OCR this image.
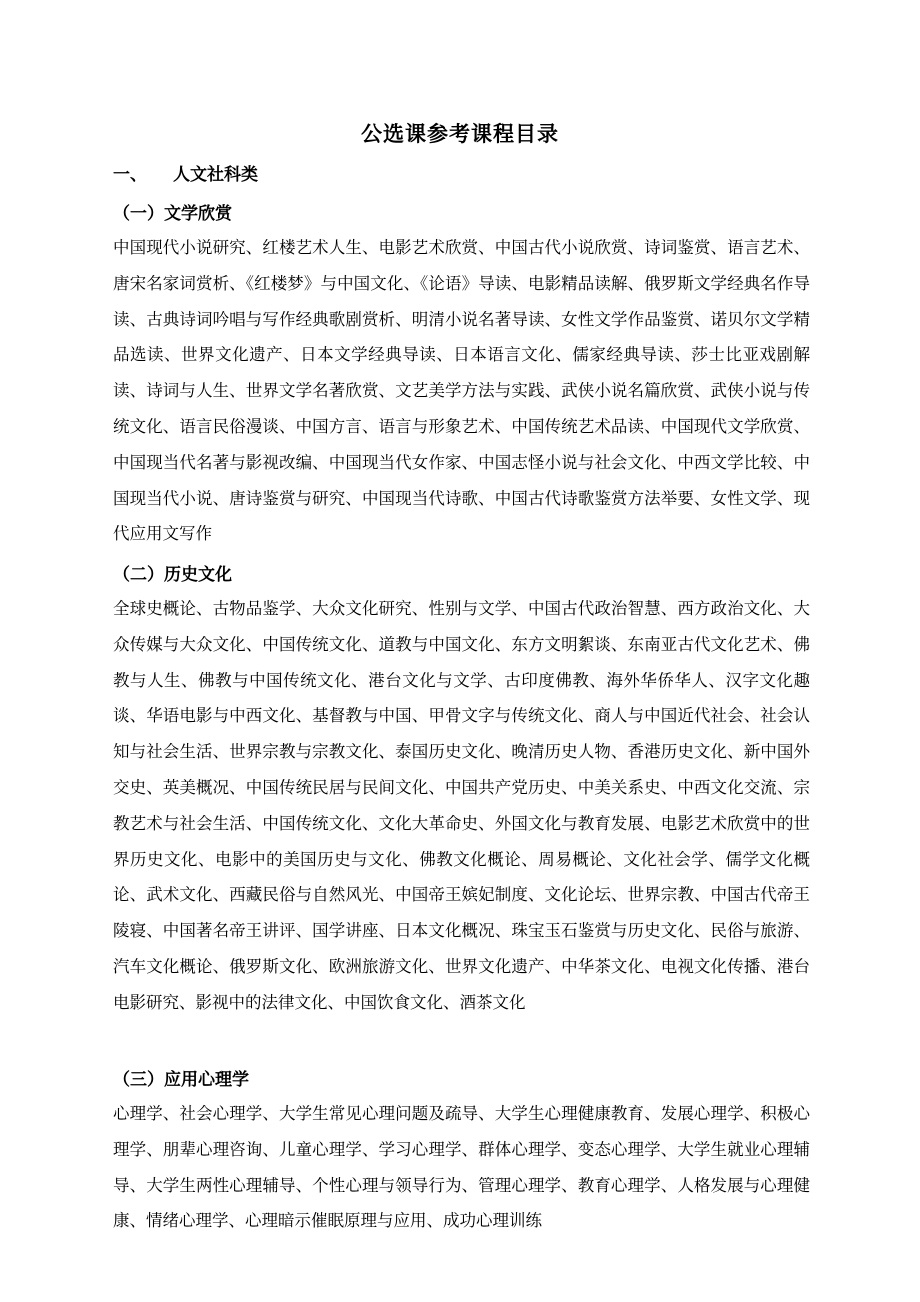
公选课参考课程目录
一、 人文社科类
（一）文学欣赏
中国现代小说研究、红楼艺术人生、电影艺术欣赏、中国古代小说欣赏、诗词鉴赏、语言艺术、唐宋名家词赏析、《红楼梦》与中国文化、《论语》导读、电影精品读解、俄罗斯文学经典名作导读、古典诗词吟唱与写作经典歌剧赏析、明清小说名著导读、女性文学作品鉴赏、诺贝尔文学精品选读、世界文化遗产、日本文学经典导读、日本语言文化、儒家经典导读、莎士比亚戏剧解读、诗词与人生、世界文学名著欣赏、文艺美学方法与实践、武侠小说名篇欣赏、武侠小说与传统文化、语言民俗漫谈、中国方言、语言与形象艺术、中国传统艺术品读、中国现代文学欣赏、中国现当代名著与影视改编、中国现当代女作家、中国志怪小说与社会文化、中西文学比较、中国现当代小说、唐诗鉴赏与研究、中国现当代诗歌、中国古代诗歌鉴赏方法举要、女性文学、现代应用文写作
（二）历史文化
全球史概论、古物品鉴学、大众文化研究、性别与文学、中国古代政治智慧、西方政治文化、大众传媒与大众文化、中国传统文化、道教与中国文化、东方文明絮谈、东南亚古代文化艺术、佛教与人生、佛教与中国传统文化、港台文化与文学、古印度佛教、海外华侨华人、汉字文化趣谈、华语电影与中西文化、基督教与中国、甲骨文字与传统文化、商人与中国近代社会、社会认知与社会生活、世界宗教与宗教文化、泰国历史文化、晚清历史人物、香港历史文化、新中国外交史、英美概况、中国传统民居与民间文化、中国共产党历史、中美关系史、中西文化交流、宗教艺术与社会生活、中国传统文化、文化大革命史、外国文化与教育发展、电影艺术欣赏中的世界历史文化、电影中的美国历史与文化、佛教文化概论、周易概论、文化社会学、儒学文化概论、武术文化、西藏民俗与自然风光、中国帝王嫔妃制度、文化论坛、世界宗教、中国古代帝王陵寝、中国著名帝王讲评、国学讲座、日本文化概况、珠宝玉石鉴赏与历史文化、民俗与旅游、汽车文化概论、俄罗斯文化、欧洲旅游文化、世界文化遗产、中华茶文化、电视文化传播、港台电影研究、影视中的法律文化、中国饮食文化、酒茶文化
（三）应用心理学
心理学、社会心理学、大学生常见心理问题及疏导、大学生心理健康教育、发展心理学、积极心理学、朋辈心理咨询、儿童心理学、学习心理学、群体心理学、变态心理学、大学生就业心理辅导、大学生两性心理辅导、个性心理与领导行为、管理心理学、教育心理学、人格发展与心理健康、情绪心理学、心理暗示催眠原理与应用、成功心理训练
